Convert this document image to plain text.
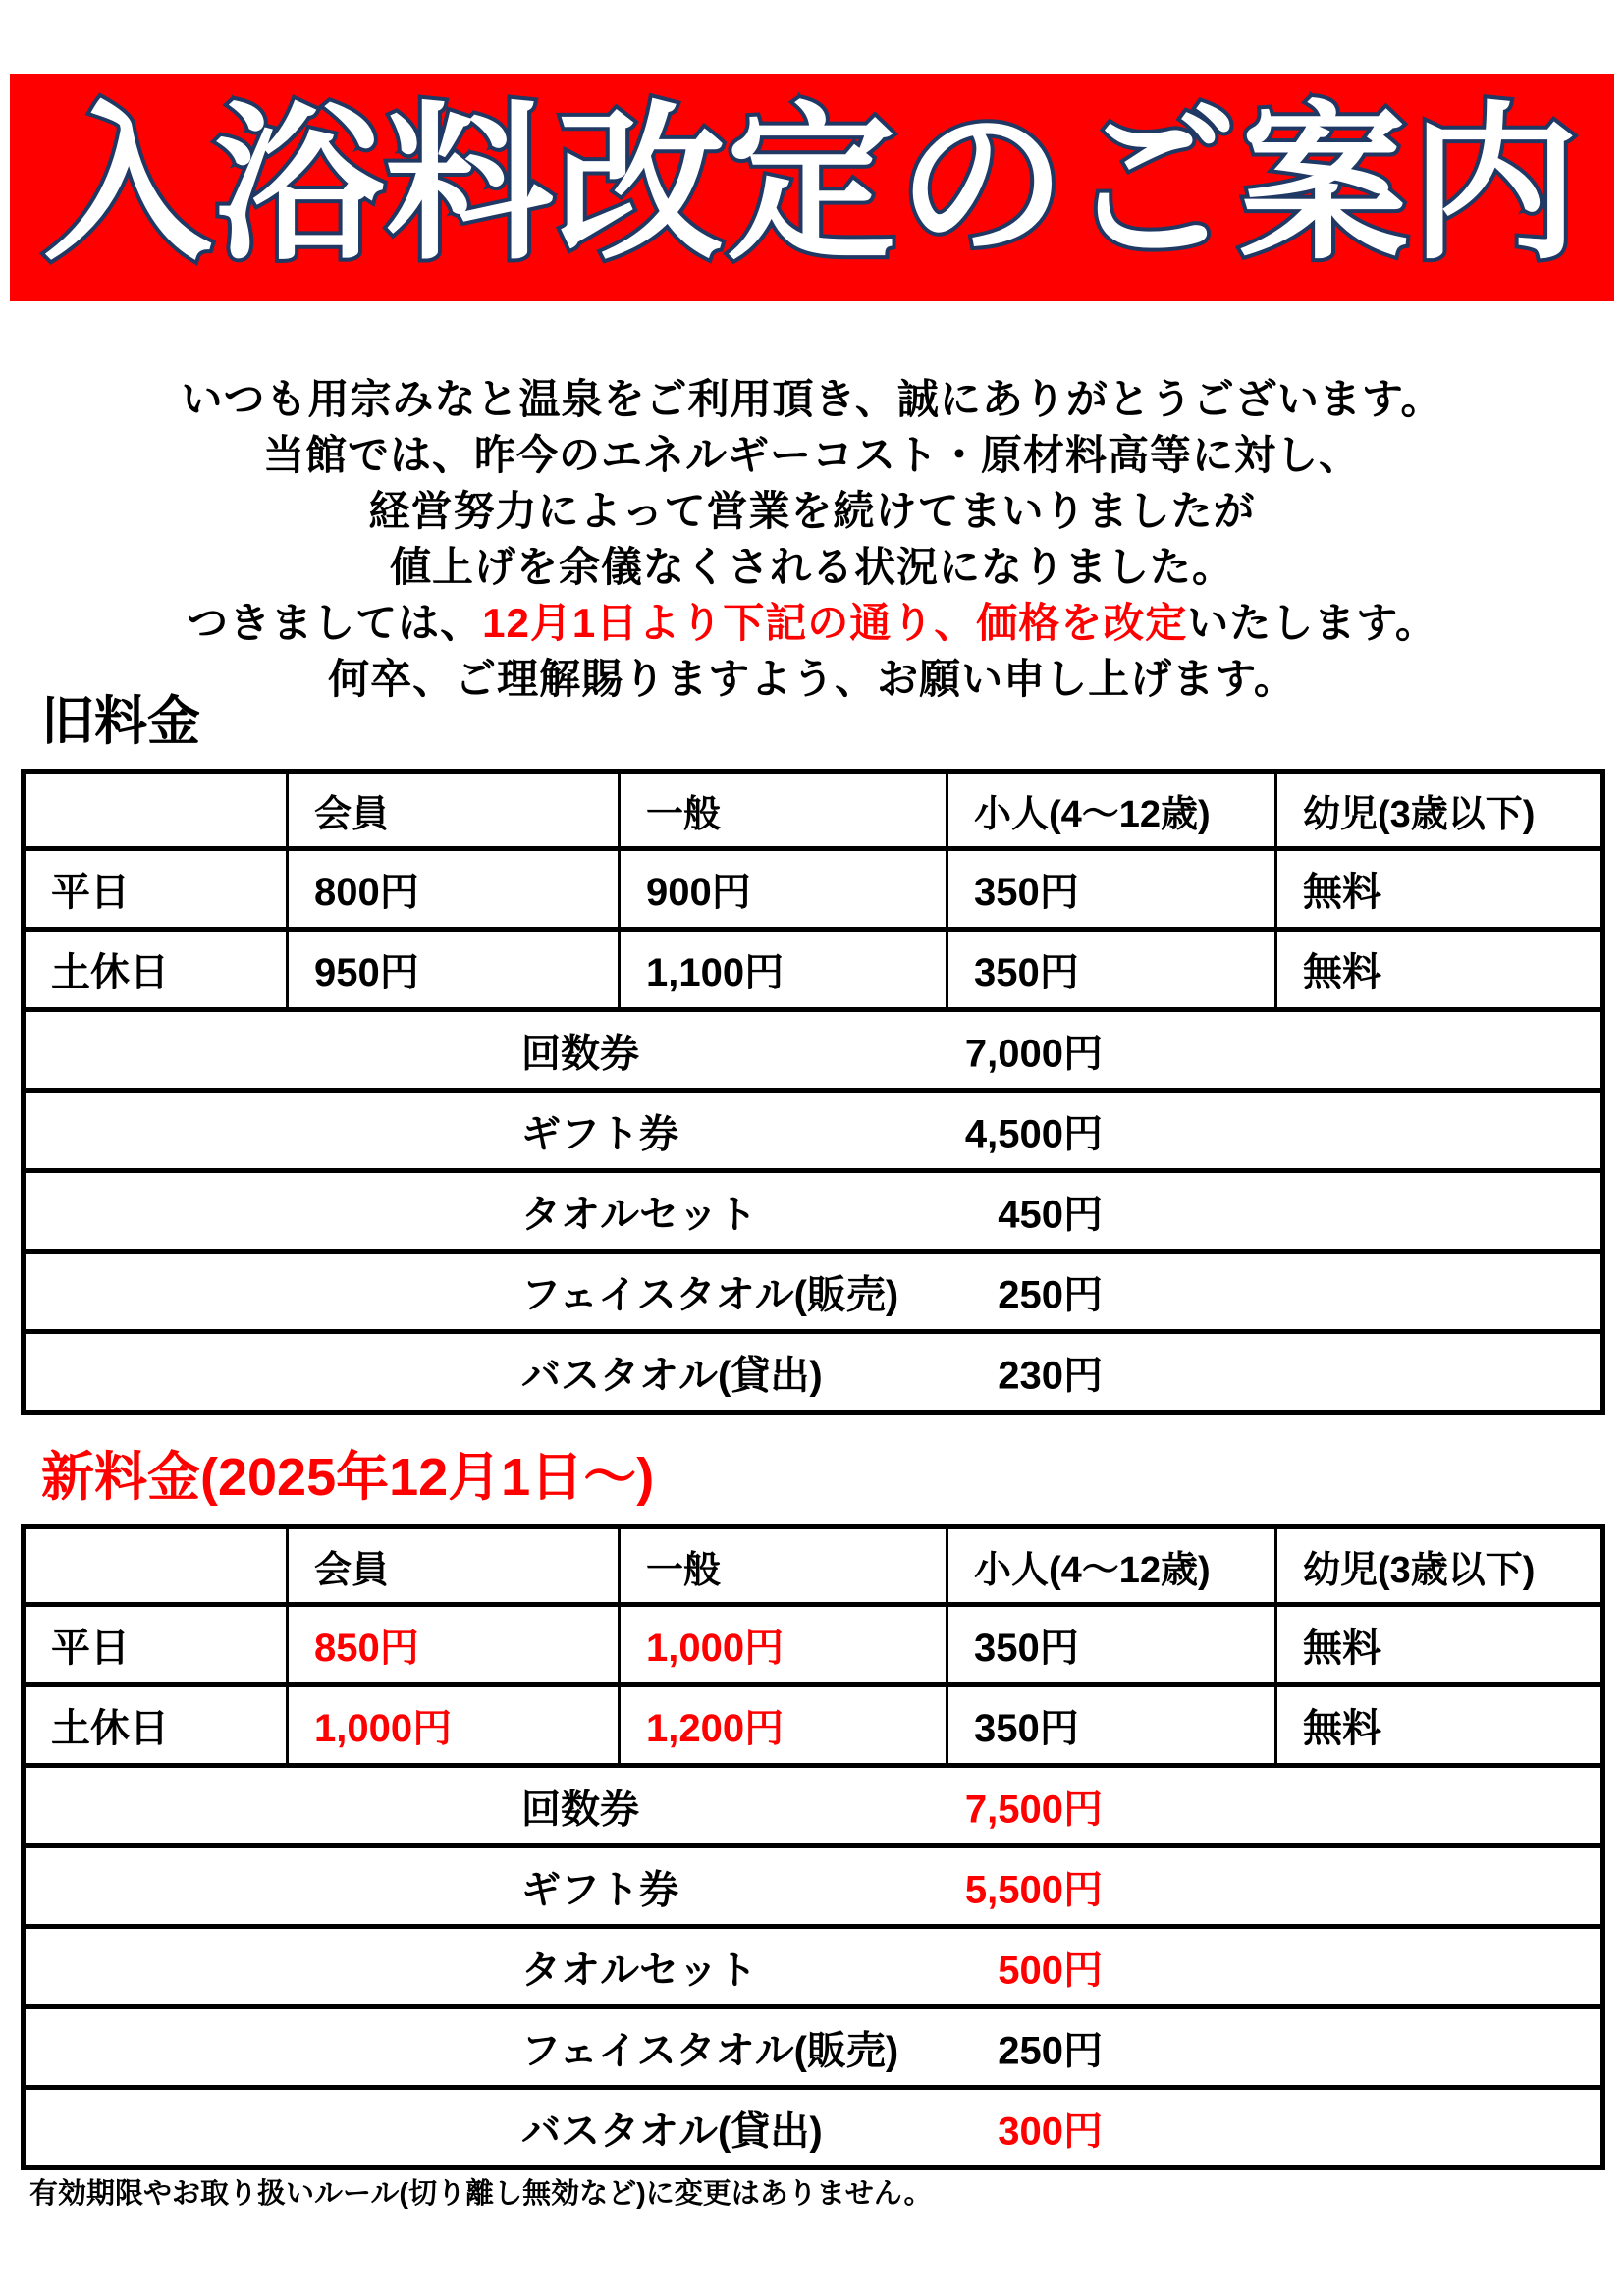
入浴料改定のご案内
いつも用宗みなと温泉をご利用頂き、誠にありがとうございます。
当館では、昨今のエネルギーコスト・原材料高等に対し、
経営努力によって営業を続けてまいりましたが
値上げを余儀なくされる状況になりました。
つきましては、12月1日より下記の通り、価格を改定いたします。
何卒、ご理解賜りますよう、お願い申し上げます。
旧料金
	会員	一般	小人(4～12歳)	幼児(3歳以下)
平日	800円	900円	350円	無料
土休日	950円	1,100円	350円	無料

回数券 7,000円				

ギフト券 4,500円				

タオルセット 450円				

フェイスタオル(販売) 250円				

バスタオル(貸出) 230円				
新料金(2025年12月1日～)
	会員	一般	小人(4～12歳)	幼児(3歳以下)
平日	850円	1,000円	350円	無料
土休日	1,000円	1,200円	350円	無料

回数券 7,500円				

ギフト券 5,500円				

タオルセット 500円				

フェイスタオル(販売) 250円				

バスタオル(貸出) 300円				
有効期限やお取り扱いルール(切り離し無効など)に変更はありません。
